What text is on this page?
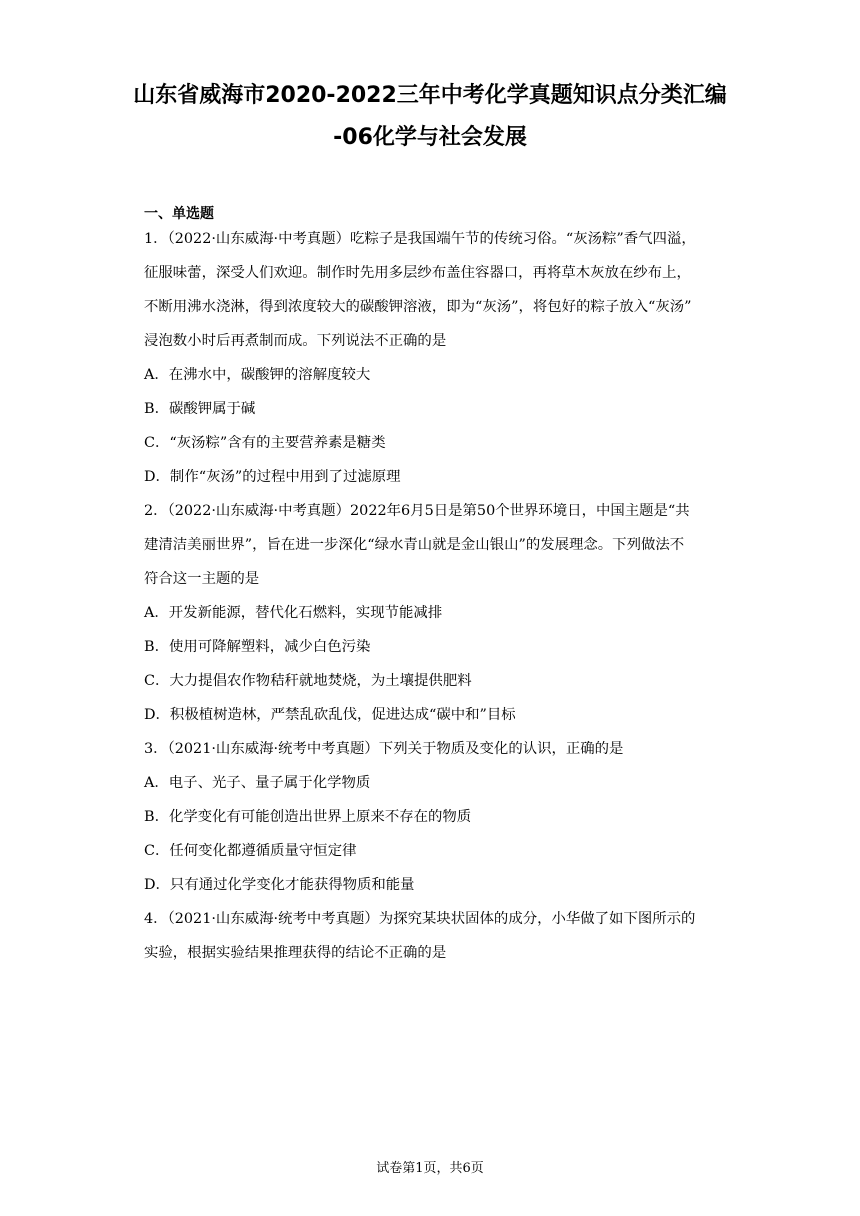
山东省威海市2020-2022三年中考化学真题知识点分类汇编
-06化学与社会发展
一、单选题
1．（2022·山东威海·中考真题）吃粽子是我国端午节的传统习俗。“灰汤粽”香气四溢，
征服味蕾，深受人们欢迎。制作时先用多层纱布盖住容器口，再将草木灰放在纱布上，
不断用沸水浇淋，得到浓度较大的碳酸钾溶液，即为“灰汤”，将包好的粽子放入“灰汤”
浸泡数小时后再煮制而成。下列说法不正确的是
A．在沸水中，碳酸钾的溶解度较大
B．碳酸钾属于碱
C．“灰汤粽”含有的主要营养素是糖类
D．制作“灰汤”的过程中用到了过滤原理
2．（2022·山东威海·中考真题）2022年6月5日是第50个世界环境日，中国主题是“共
建清洁美丽世界”，旨在进一步深化“绿水青山就是金山银山”的发展理念。下列做法不
符合这一主题的是
A．开发新能源，替代化石燃料，实现节能减排
B．使用可降解塑料，减少白色污染
C．大力提倡农作物秸秆就地焚烧，为土壤提供肥料
D．积极植树造林，严禁乱砍乱伐，促进达成“碳中和”目标
3．（2021·山东威海·统考中考真题）下列关于物质及变化的认识，正确的是
A．电子、光子、量子属于化学物质
B．化学变化有可能创造出世界上原来不存在的物质
C．任何变化都遵循质量守恒定律
D．只有通过化学变化才能获得物质和能量
4．（2021·山东威海·统考中考真题）为探究某块状固体的成分，小华做了如下图所示的
实验，根据实验结果推理获得的结论不正确的是
试卷第1页，共6页
